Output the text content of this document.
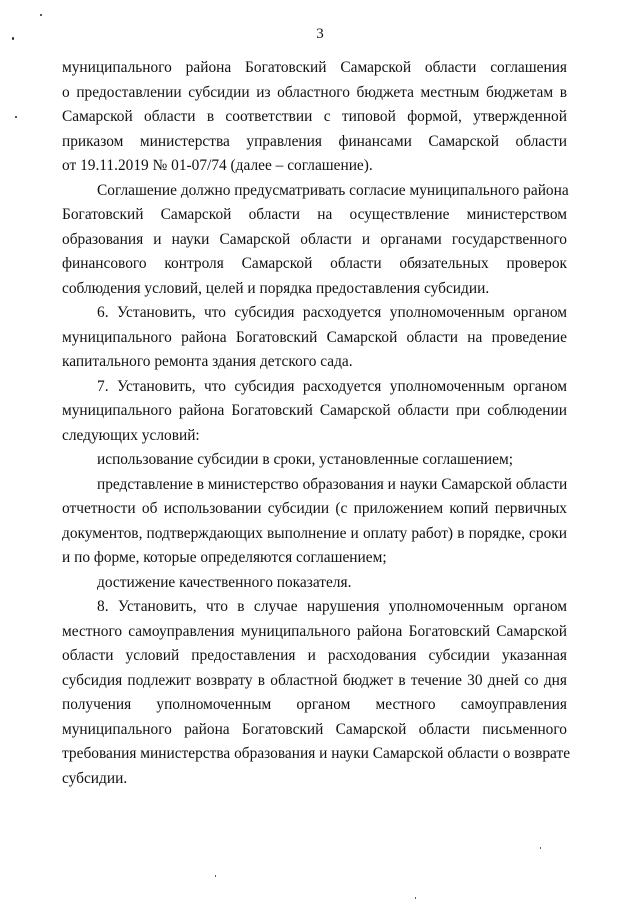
3
муниципального района Богатовский Самарской области соглашения
о предоставлении субсидии из областного бюджета местным бюджетам в
Самарской области в соответствии с типовой формой, утвержденной
приказом министерства управления финансами Самарской области
от 19.11.2019 № 01-07/74 (далее – соглашение).
Соглашение должно предусматривать согласие муниципального района
Богатовский Самарской области на осуществление министерством
образования и науки Самарской области и органами государственного
финансового контроля Самарской области обязательных проверок
соблюдения условий, целей и порядка предоставления субсидии.
6. Установить, что субсидия расходуется уполномоченным органом
муниципального района Богатовский Самарской области на проведение
капитального ремонта здания детского сада.
7. Установить, что субсидия расходуется уполномоченным органом
муниципального района Богатовский Самарской области при соблюдении
следующих условий:
использование субсидии в сроки, установленные соглашением;
представление в министерство образования и науки Самарской области
отчетности об использовании субсидии (с приложением копий первичных
документов, подтверждающих выполнение и оплату работ) в порядке, сроки
и по форме, которые определяются соглашением;
достижение качественного показателя.
8. Установить, что в случае нарушения уполномоченным органом
местного самоуправления муниципального района Богатовский Самарской
области условий предоставления и расходования субсидии указанная
субсидия подлежит возврату в областной бюджет в течение 30 дней со дня
получения уполномоченным органом местного самоуправления
муниципального района Богатовский Самарской области письменного
требования министерства образования и науки Самарской области о возврате
субсидии.
